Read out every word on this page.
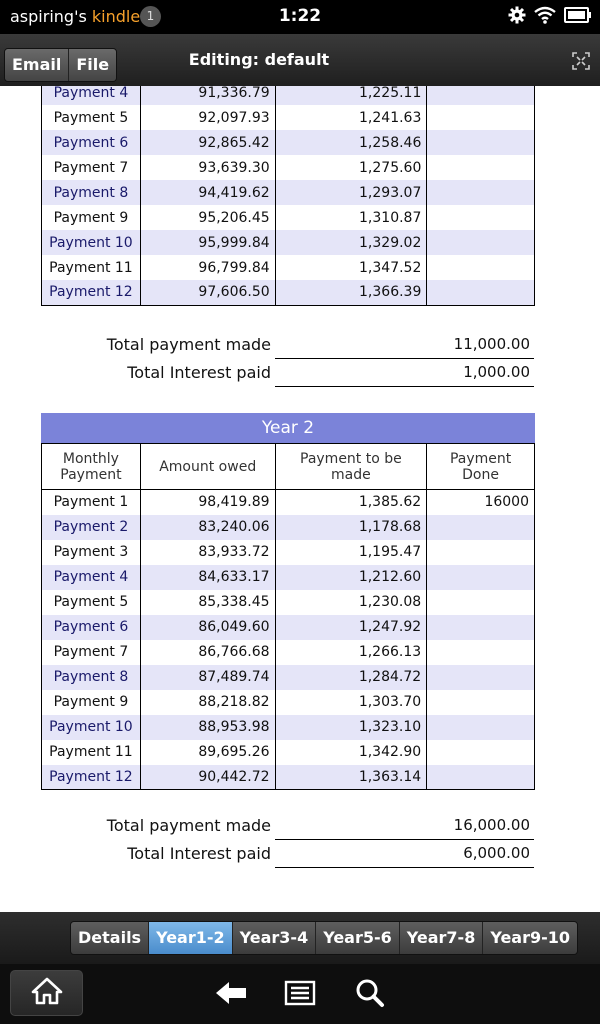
aspiring's kindle 1	1:22
Email File	Editing: default
Payment 4	91,336.79	1,225.11	
Payment 5	92,097.93	1,241.63	
Payment 6	92,865.42	1,258.46	
Payment 7	93,639.30	1,275.60	
Payment 8	94,419.62	1,293.07	
Payment 9	95,206.45	1,310.87	
Payment 10	95,999.84	1,329.02	
Payment 11	96,799.84	1,347.52	
Payment 12	97,606.50	1,366.39	
Total payment made	11,000.00
Total Interest paid	1,000.00
Year 2
Monthly Payment	Amount owed	Payment to be made	Payment Done
Payment 1	98,419.89	1,385.62	16000
Payment 2	83,240.06	1,178.68	
Payment 3	83,933.72	1,195.47	
Payment 4	84,633.17	1,212.60	
Payment 5	85,338.45	1,230.08	
Payment 6	86,049.60	1,247.92	
Payment 7	86,766.68	1,266.13	
Payment 8	87,489.74	1,284.72	
Payment 9	88,218.82	1,303.70	
Payment 10	88,953.98	1,323.10	
Payment 11	89,695.26	1,342.90	
Payment 12	90,442.72	1,363.14	
Total payment made	16,000.00
Total Interest paid	6,000.00
Details Year1-2 Year3-4 Year5-6 Year7-8 Year9-10
